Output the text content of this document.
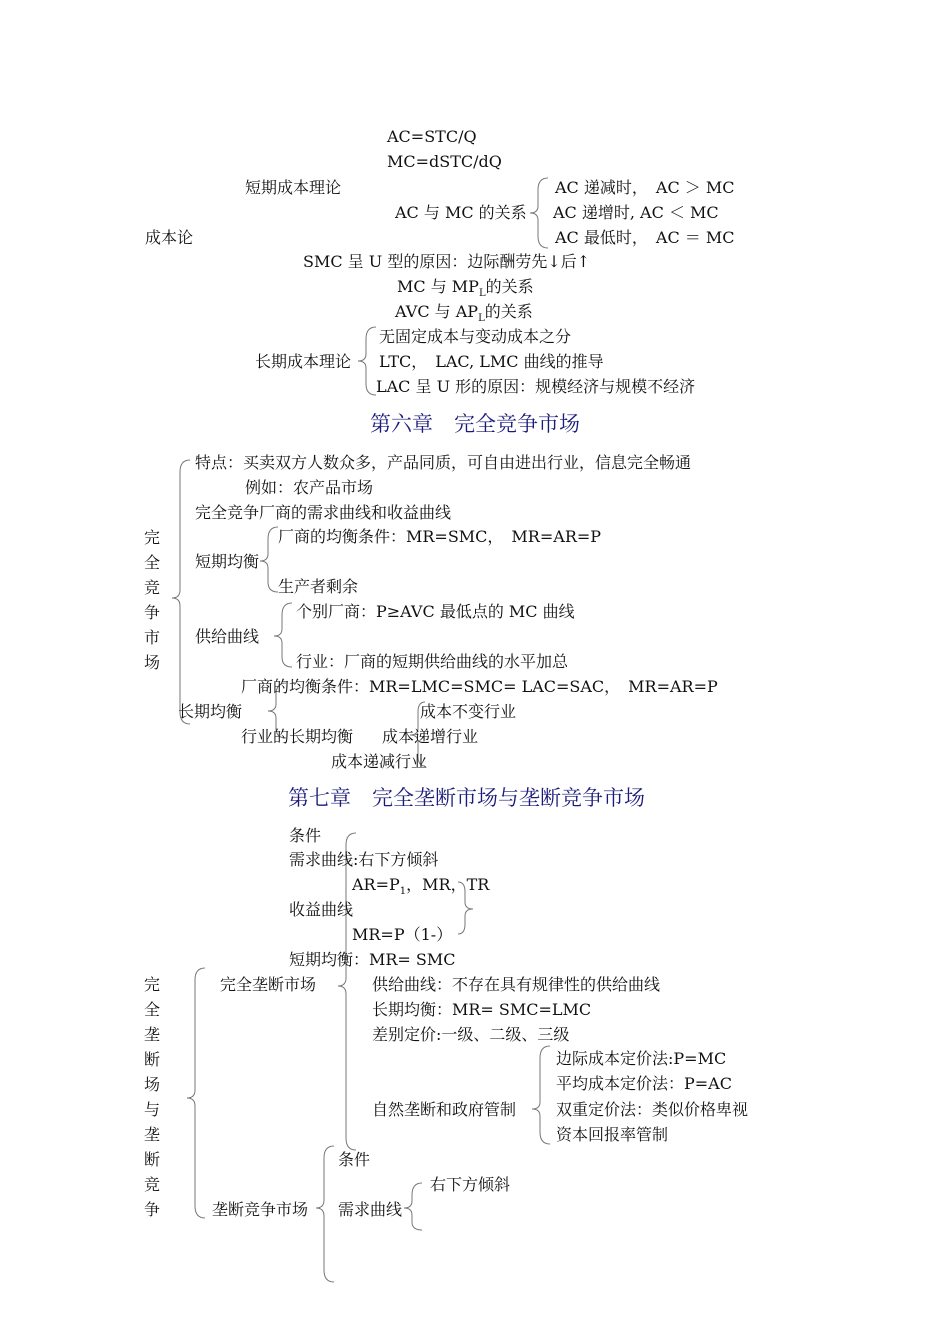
AC=STC/Q
MC=dSTC/dQ
短期成本理论	AC 递减时，　AC ＞ MC
AC 与 MC 的关系 AC 递增时, AC ＜ MC
成本论	AC 最低时，　AC ＝ MC
SMC 呈 U 型的原因：边际酬劳先↓后↑
MC 与 $MP_L$的关系
AVC 与 $AP_L$的关系
无固定成本与变动成本之分
长期成本理论 LTC，　LAC, LMC 曲线的推导
LAC 呈 U 形的原因：规模经济与规模不经济
第六章　完全竞争市场
完全竞争市场
特点：买卖双方人数众多，产品同质，可自由进出行业，信息完全畅通
例如：农产品市场
完全竞争厂商的需求曲线和收益曲线
厂商的均衡条件：MR=SMC，　MR=AR=P
短期均衡
生产者剩余
个别厂商：P≥AVC 最低点的 MC 曲线
供给曲线
行业：厂商的短期供给曲线的水平加总
厂商的均衡条件：MR=LMC=SMC= LAC=SAC，　MR=AR=P
长期均衡	成本不变行业
行业的长期均衡 成本递增行业
成本递减行业
第七章　完全垄断市场与垄断竞争市场
条件
需求曲线:右下方倾斜
$AR=P_1$，MR，TR
收益曲线
MR=P（1-）
短期均衡：MR= SMC
完全垄断场与垄断竞争
完全垄断市场	供给曲线：不存在具有规律性的供给曲线
长期均衡：MR= SMC=LMC
差别定价:一级、二级、三级
边际成本定价法:P=MC
平均成本定价法：P=AC
自然垄断和政府管制 双重定价法：类似价格卑视
资本回报率管制
条件
右下方倾斜
垄断竞争市场 需求曲线
